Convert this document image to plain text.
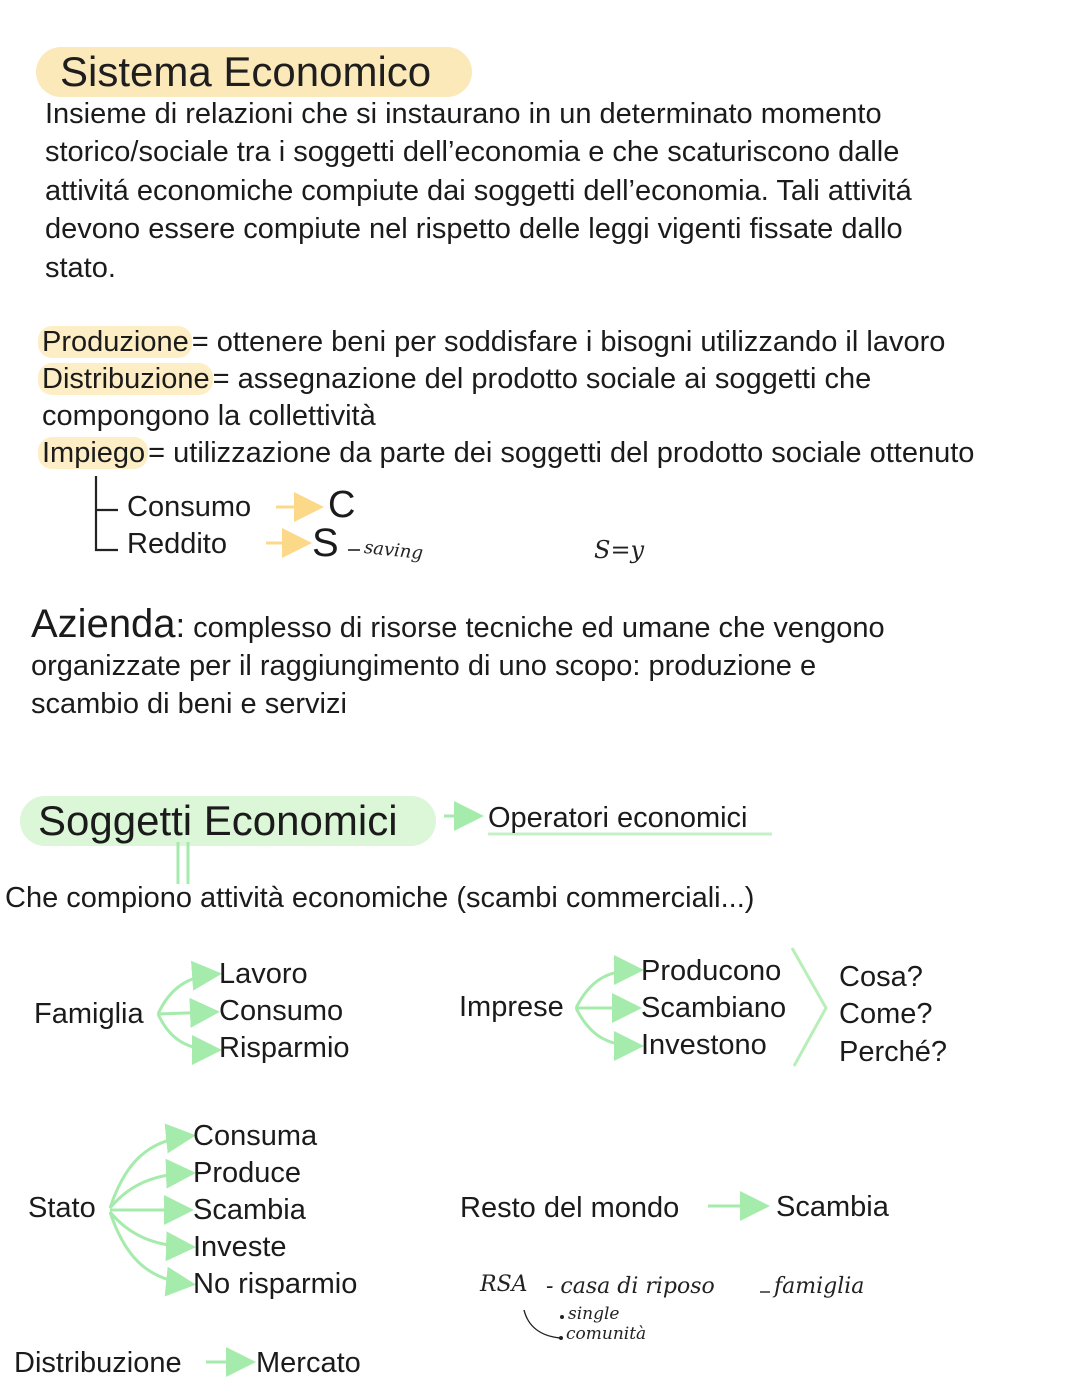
Sistema Economico
Insieme di relazioni che si instaurano in un determinato momento
storico/sociale tra i soggetti dell’economia e che scaturiscono dalle
attivitá economiche compiute dai soggetti dell’economia. Tali attivitá
devono essere compiute nel rispetto delle leggi vigenti fissate dallo
stato.
Produzione = ottenere beni per soddisfare i bisogni utilizzando il lavoro
Distribuzione = assegnazione del prodotto sociale ai soggetti che
compongono la collettività
Impiego = utilizzazione da parte dei soggetti del prodotto sociale ottenuto
Consumo C
Reddito S saving	S=y
Azienda: complesso di risorse tecniche ed umane che vengono
organizzate per il raggiungimento di uno scopo: produzione e
scambio di beni e servizi
Soggetti Economici	Operatori economici
Che compiono attività economiche (scambi commerciali...)
Famiglia
Lavoro
Consumo
Risparmio
Imprese
Producono
Scambiano
Investono
Cosa?
Come?
Perché?
Stato
Consuma
Produce
Scambia
Investe
No risparmio
Resto del mondo	Scambia
RSA - casa di riposo	famiglia
single
comunità
Distribuzione	Mercato
